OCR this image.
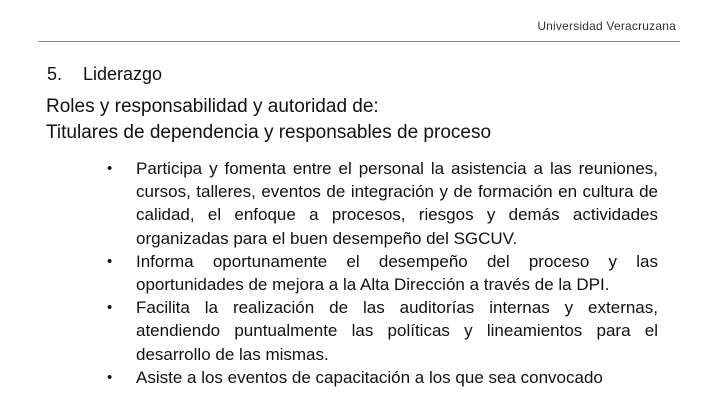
Universidad Veracruzana
5. Liderazgo
Roles y responsabilidad y autoridad de:
Titulares de dependencia y responsables de proceso
• Participa y fomenta entre el personal la asistencia a las reuniones, cursos, talleres, eventos de integración y de formación en cultura de calidad, el enfoque a procesos, riesgos y demás actividades organizadas para el buen desempeño del SGCUV.
• Informa oportunamente el desempeño del proceso y las oportunidades de mejora a la Alta Dirección a través de la DPI.
• Facilita la realización de las auditorías internas y externas, atendiendo puntualmente las políticas y lineamientos para el desarrollo de las mismas.
• Asiste a los eventos de capacitación a los que sea convocado
